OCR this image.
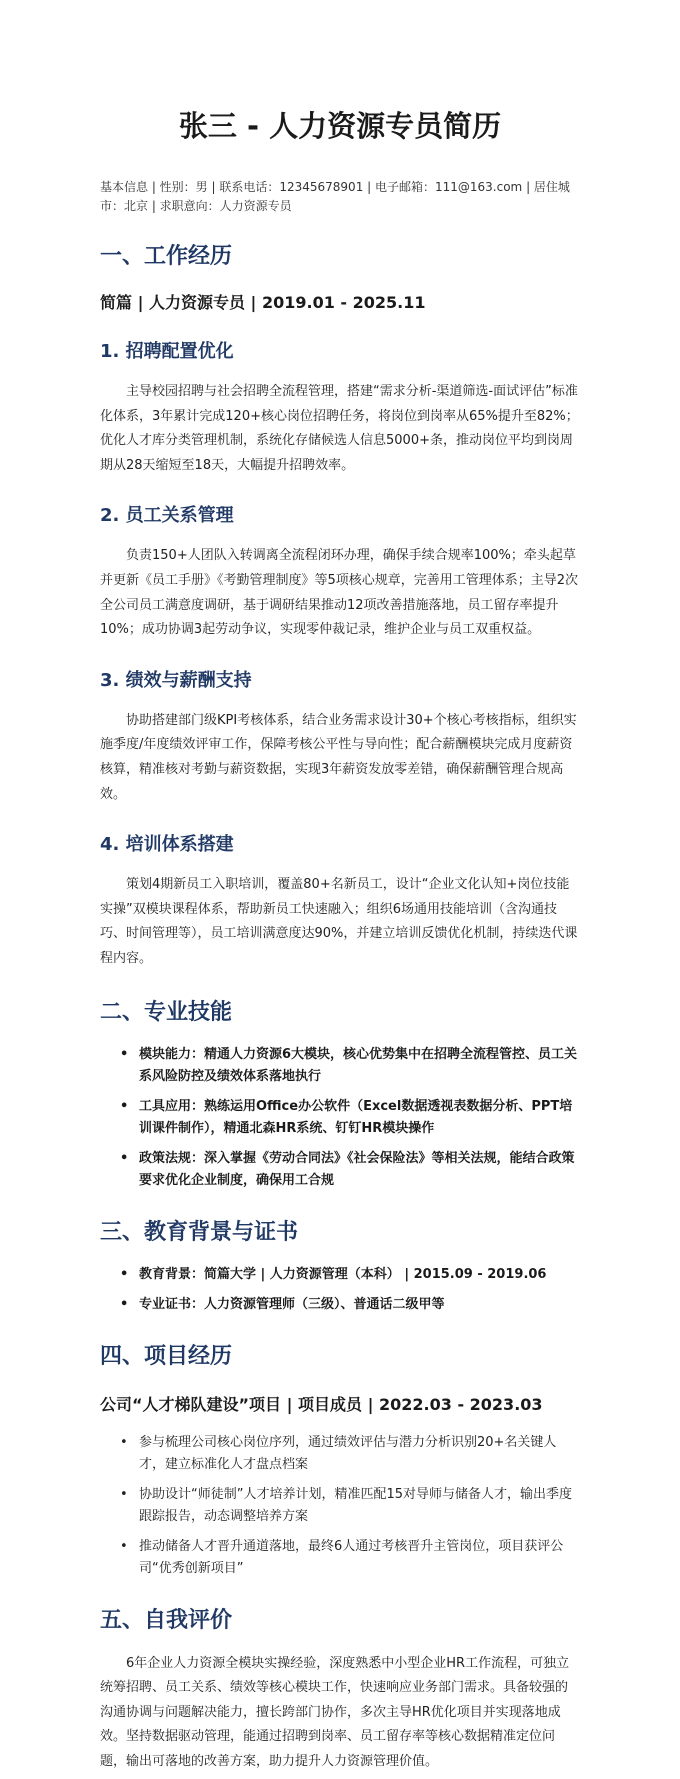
张三 - 人力资源专员简历

基本信息 | 性别：男 | 联系电话：12345678901 | 电子邮箱：111@163.com | 居住城市：北京 | 求职意向：人力资源专员

一、工作经历

简篇 | 人力资源专员 | 2019.01 - 2025.11

1. 招聘配置优化

主导校园招聘与社会招聘全流程管理，搭建“需求分析-渠道筛选-面试评估”标准化体系，3年累计完成120+核心岗位招聘任务，将岗位到岗率从65%提升至82%；优化人才库分类管理机制，系统化存储候选人信息5000+条，推动岗位平均到岗周期从28天缩短至18天，大幅提升招聘效率。

2. 员工关系管理

负责150+人团队入转调离全流程闭环办理，确保手续合规率100%；牵头起草并更新《员工手册》《考勤管理制度》等5项核心规章，完善用工管理体系；主导2次全公司员工满意度调研，基于调研结果推动12项改善措施落地，员工留存率提升10%；成功协调3起劳动争议，实现零仲裁记录，维护企业与员工双重权益。

3. 绩效与薪酬支持

协助搭建部门级KPI考核体系，结合业务需求设计30+个核心考核指标，组织实施季度/年度绩效评审工作，保障考核公平性与导向性；配合薪酬模块完成月度薪资核算，精准核对考勤与薪资数据，实现3年薪资发放零差错，确保薪酬管理合规高效。

4. 培训体系搭建

策划4期新员工入职培训，覆盖80+名新员工，设计“企业文化认知+岗位技能实操”双模块课程体系，帮助新员工快速融入；组织6场通用技能培训（含沟通技巧、时间管理等），员工培训满意度达90%，并建立培训反馈优化机制，持续迭代课程内容。

二、专业技能
• 模块能力：精通人力资源6大模块，核心优势集中在招聘全流程管控、员工关系风险防控及绩效体系落地执行
• 工具应用：熟练运用Office办公软件（Excel数据透视表数据分析、PPT培训课件制作），精通北森HR系统、钉钉HR模块操作
• 政策法规：深入掌握《劳动合同法》《社会保险法》等相关法规，能结合政策要求优化企业制度，确保用工合规
三、教育背景与证书
• 教育背景：简篇大学 | 人力资源管理（本科） | 2015.09 - 2019.06
• 专业证书：人力资源管理师（三级）、普通话二级甲等
四、项目经历

公司“人才梯队建设”项目 | 项目成员 | 2022.03 - 2023.03

• 参与梳理公司核心岗位序列，通过绩效评估与潜力分析识别20+名关键人才，建立标准化人才盘点档案
• 协助设计“师徒制”人才培养计划，精准匹配15对导师与储备人才，输出季度跟踪报告，动态调整培养方案
• 推动储备人才晋升通道落地，最终6人通过考核晋升主管岗位，项目获评公司“优秀创新项目”
五、自我评价

6年企业人力资源全模块实操经验，深度熟悉中小型企业HR工作流程，可独立统筹招聘、员工关系、绩效等核心模块工作，快速响应业务部门需求。具备较强的沟通协调与问题解决能力，擅长跨部门协作，多次主导HR优化项目并实现落地成效。坚持数据驱动管理，能通过招聘到岗率、员工留存率等核心数据精准定位问题，输出可落地的改善方案，助力提升人力资源管理价值。
